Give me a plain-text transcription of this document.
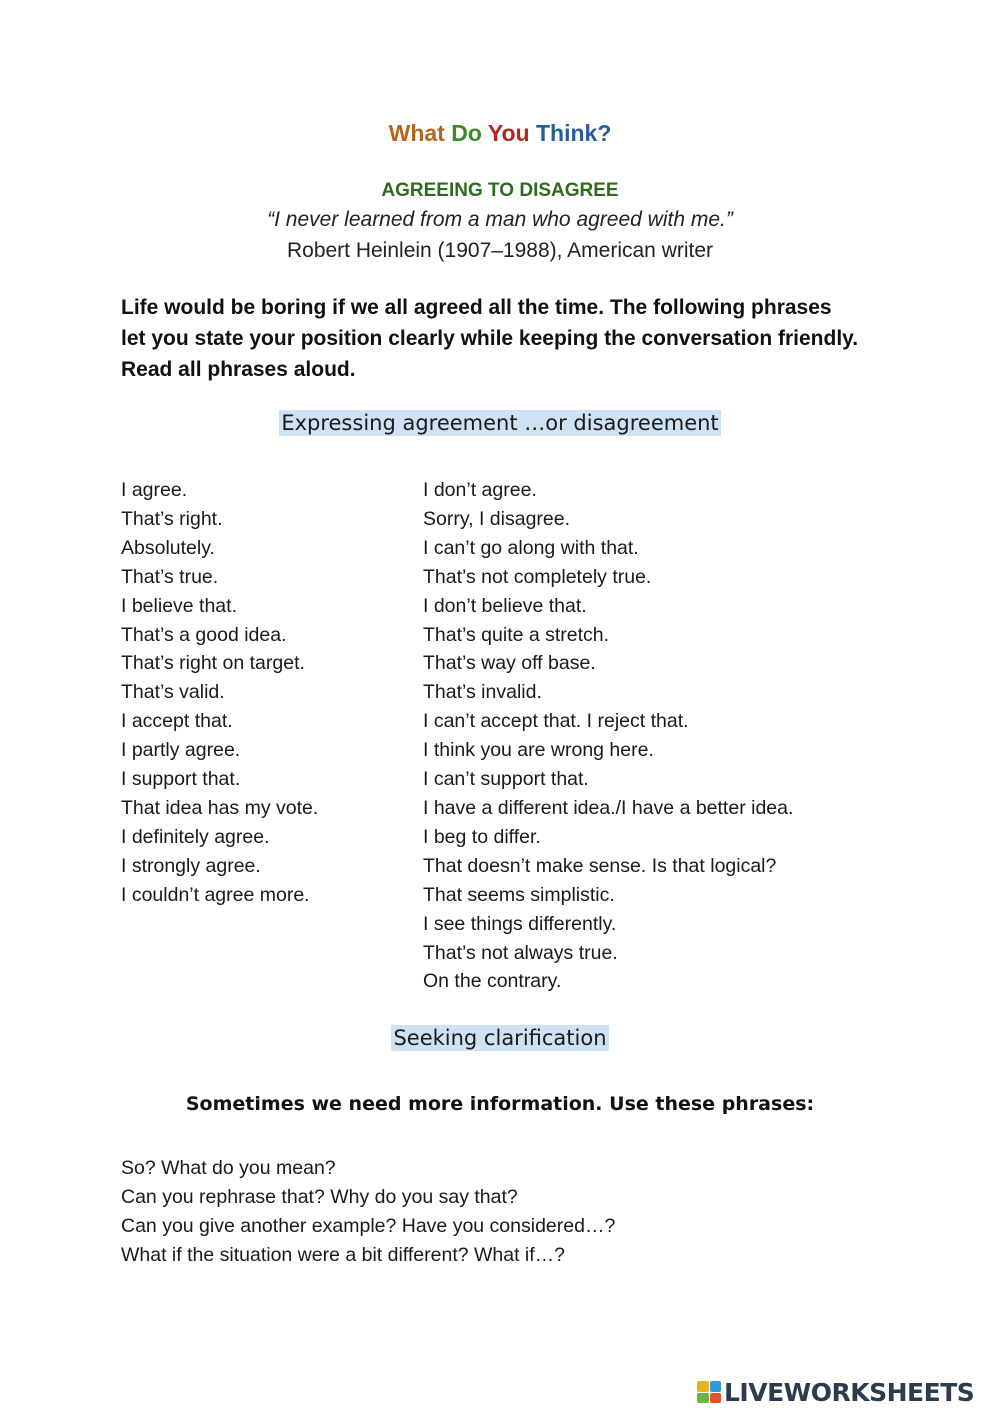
What Do You Think?
AGREEING TO DISAGREE
“I never learned from a man who agreed with me.”
Robert Heinlein (1907–1988), American writer
Life would be boring if we all agreed all the time. The following phrases let you state your position clearly while keeping the conversation friendly. Read all phrases aloud.
Expressing agreement …or disagreement
I agree.
That’s right.
Absolutely.
That’s true.
I believe that.
That’s a good idea.
That’s right on target.
That’s valid.
I accept that.
I partly agree.
I support that.
That idea has my vote.
I definitely agree.
I strongly agree.
I couldn’t agree more.
I don’t agree.
Sorry, I disagree.
I can’t go along with that.
That’s not completely true.
I don’t believe that.
That’s quite a stretch.
That’s way off base.
That’s invalid.
I can’t accept that. I reject that.
I think you are wrong here.
I can’t support that.
I have a different idea./I have a better idea.
I beg to differ.
That doesn’t make sense. Is that logical?
That seems simplistic.
I see things differently.
That’s not always true.
On the contrary.
Seeking clarification
Sometimes we need more information. Use these phrases:
So? What do you mean?
Can you rephrase that? Why do you say that?
Can you give another example? Have you considered…?
What if the situation were a bit different? What if…?
LIVEWORKSHEETS
